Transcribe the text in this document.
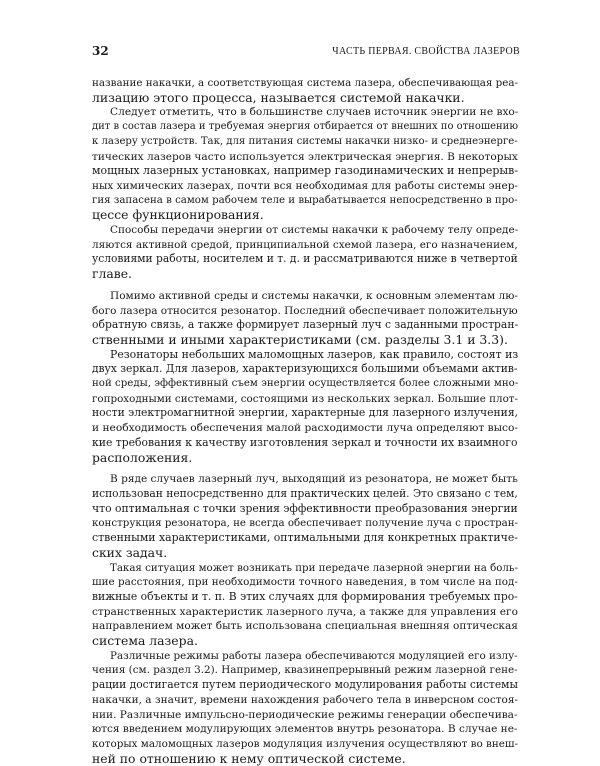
32	ЧАСТЬ ПЕРВАЯ. СВОЙСТВА ЛАЗЕРОВ

название накачки, а соответствующая система лазера, обеспечивающая реа-
лизацию этого процесса, называется системой накачки.

Следует отметить, что в большинстве случаев источник энергии не вхо-
дит в состав лазера и требуемая энергия отбирается от внешних по отношению
к лазеру устройств. Так, для питания системы накачки низко- и среднеэнерге-
тических лазеров часто используется электрическая энергия. В некоторых
мощных лазерных установках, например газодинамических и непрерыв-
ных химических лазерах, почти вся необходимая для работы системы энер-
гия запасена в самом рабочем теле и вырабатывается непосредственно в про-
цессе функционирования.

Способы передачи энергии от системы накачки к рабочему телу опреде-
ляются активной средой, принципиальной схемой лазера, его назначением,
условиями работы, носителем и т. д. и рассматриваются ниже в четвертой
главе.

Помимо активной среды и системы накачки, к основным элементам лю-
бого лазера относится резонатор. Последний обеспечивает положительную
обратную связь, а также формирует лазерный луч с заданными простран-
ственными и иными характеристиками (см. разделы 3.1 и 3.3).

Резонаторы небольших маломощных лазеров, как правило, состоят из
двух зеркал. Для лазеров, характеризующихся большими объемами актив-
ной среды, эффективный съем энергии осуществляется более сложными мно-
гопроходными системами, состоящими из нескольких зеркал. Большие плот-
ности электромагнитной энергии, характерные для лазерного излучения,
и необходимость обеспечения малой расходимости луча определяют высо-
кие требования к качеству изготовления зеркал и точности их взаимного
расположения.

В ряде случаев лазерный луч, выходящий из резонатора, не может быть
использован непосредственно для практических целей. Это связано с тем,
что оптимальная с точки зрения эффективности преобразования энергии
конструкция резонатора, не всегда обеспечивает получение луча с простран-
ственными характеристиками, оптимальными для конкретных практиче-
ских задач.

Такая ситуация может возникать при передаче лазерной энергии на боль-
шие расстояния, при необходимости точного наведения, в том числе на под-
вижные объекты и т. п. В этих случаях для формирования требуемых про-
странственных характеристик лазерного луча, а также для управления его
направлением может быть использована специальная внешняя оптическая
система лазера.

Различные режимы работы лазера обеспечиваются модуляцией его излу-
чения (см. раздел 3.2). Например, квазинепрерывный режим лазерной гене-
рации достигается путем периодического модулирования работы системы
накачки, а значит, времени нахождения рабочего тела в инверсном состоя-
нии. Различные импульсно-периодические режимы генерации обеспечива-
ются введением модулирующих элементов внутрь резонатора. В случае не-
которых маломощных лазеров модуляция излучения осуществляют во внеш-
ней по отношению к нему оптической системе.
